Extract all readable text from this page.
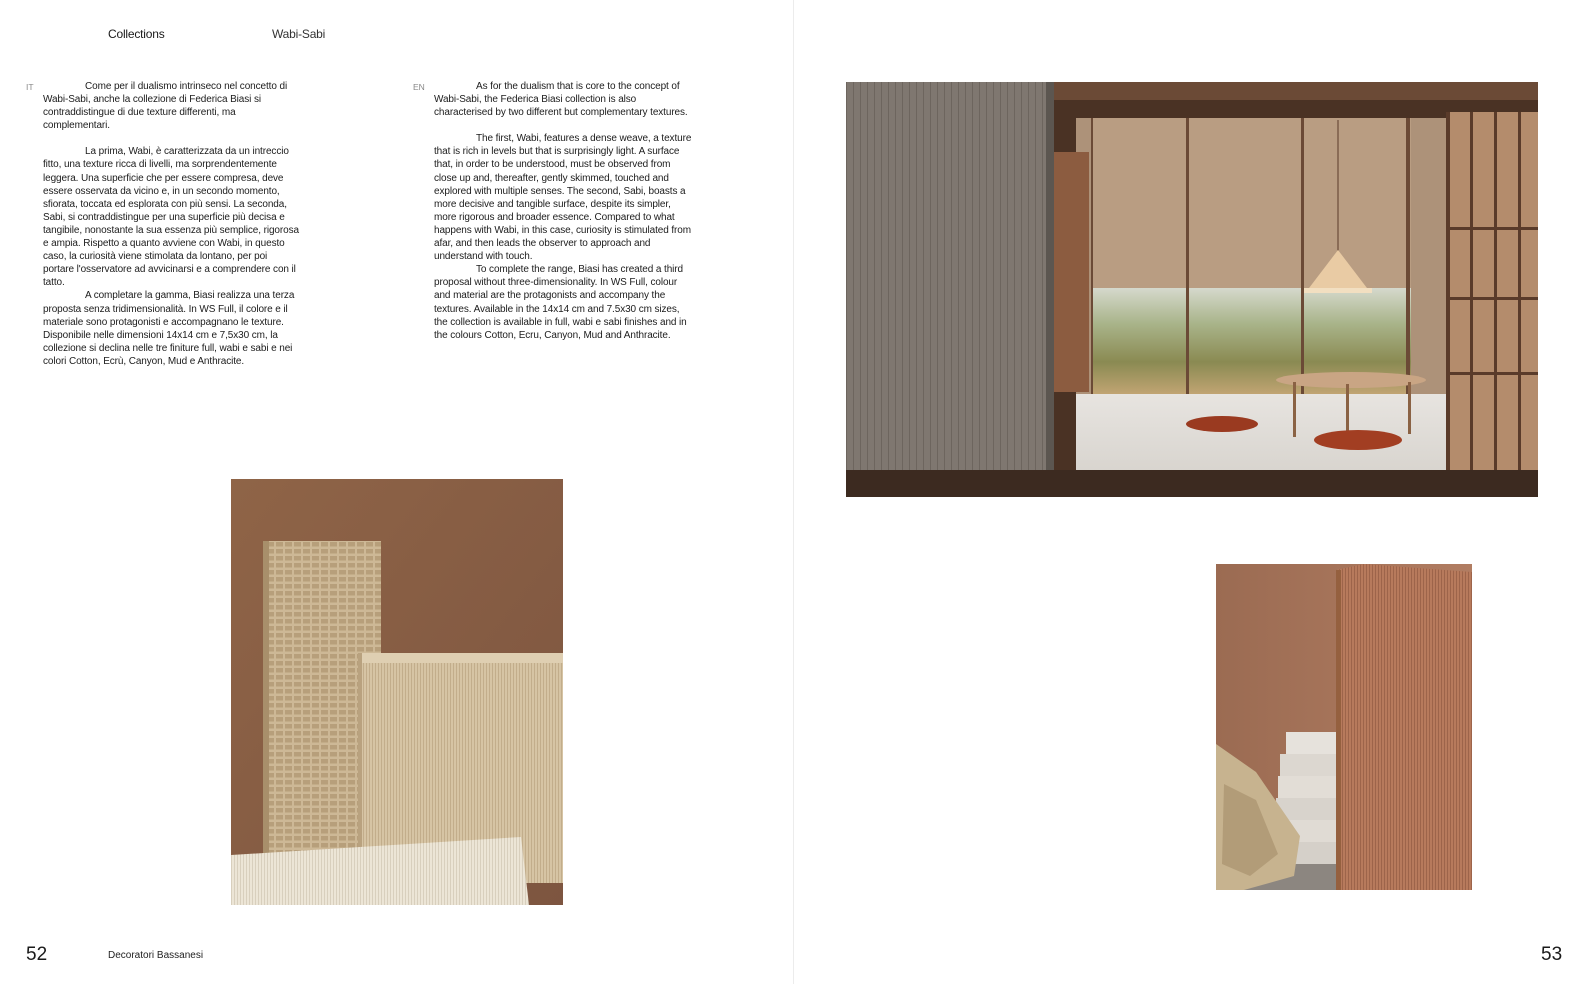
Collections	Wabi-Sabi
IT	EN

Come per il dualismo intrinseco nel concetto di Wabi-Sabi, anche la collezione di Federica Biasi si contraddistingue di due texture differenti, ma complementari.

La prima, Wabi, è caratterizzata da un intreccio fitto, una texture ricca di livelli, ma sorprendentemente leggera. Una superficie che per essere compresa, deve essere osservata da vicino e, in un secondo momento, sfiorata, toccata ed esplorata con più sensi. La seconda, Sabi, si contraddistingue per una superficie più decisa e tangibile, nonostante la sua essenza più semplice, rigorosa e ampia. Rispetto a quanto avviene con Wabi, in questo caso, la curiosità viene stimolata da lontano, per poi portare l'osservatore ad avvicinarsi e a comprendere con il tatto.

A completare la gamma, Biasi realizza una terza proposta senza tridimensionalità. In WS Full, il colore e il materiale sono protagonisti e accompagnano le texture. Disponibile nelle dimensioni 14x14 cm e 7,5x30 cm, la collezione si declina nelle tre finiture full, wabi e sabi e nei colori Cotton, Ecrù, Canyon, Mud e Anthracite.

As for the dualism that is core to the concept of Wabi-Sabi, the Federica Biasi collection is also characterised by two different but complementary textures.

The first, Wabi, features a dense weave, a texture that is rich in levels but that is surprisingly light. A surface that, in order to be understood, must be observed from close up and, thereafter, gently skimmed, touched and explored with multiple senses. The second, Sabi, boasts a more decisive and tangible surface, despite its simpler, more rigorous and broader essence. Compared to what happens with Wabi, in this case, curiosity is stimulated from afar, and then leads the observer to approach and understand with touch.

To complete the range, Biasi has created a third proposal without three-dimensionality. In WS Full, colour and material are the protagonists and accompany the textures. Available in the 14x14 cm and 7.5x30 cm sizes, the collection is available in full, wabi e sabi finishes and in the colours Cotton, Ecru, Canyon, Mud and Anthracite.

52	Decoratori Bassanesi	53
